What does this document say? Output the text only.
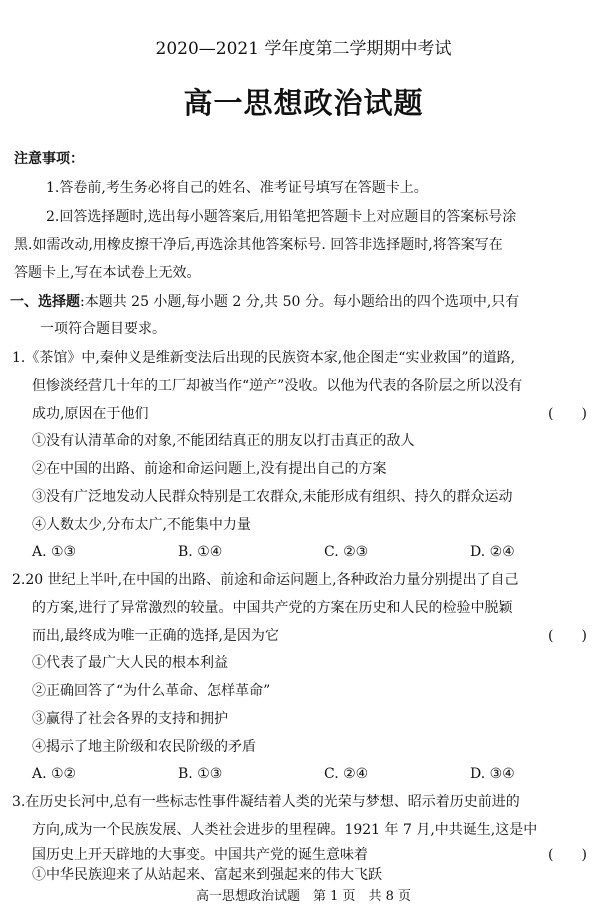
2020—2021 学年度第二学期期中考试
高一思想政治试题
注意事项：
1.答卷前,考生务必将自己的姓名、准考证号填写在答题卡上。
2.回答选择题时,选出每小题答案后,用铅笔把答题卡上对应题目的答案标号涂
黑.如需改动,用橡皮擦干净后,再选涂其他答案标号. 回答非选择题时,将答案写在
答题卡上,写在本试卷上无效。
一、选择题:本题共 25 小题,每小题 2 分,共 50 分。每小题给出的四个选项中,只有
一项符合题目要求。
1.《茶馆》中,秦仲义是维新变法后出现的民族资本家,他企图走“实业救国”的道路,
但惨淡经营几十年的工厂却被当作“逆产”没收。以他为代表的各阶层之所以没有
成功,原因在于他们	(　　)
①没有认清革命的对象,不能团结真正的朋友以打击真正的敌人
②在中国的出路、前途和命运问题上,没有提出自己的方案
③没有广泛地发动人民群众特别是工农群众,未能形成有组织、持久的群众运动
④人数太少,分布太广,不能集中力量
A. ①③	B. ①④	C. ②③	D. ②④
2.20 世纪上半叶,在中国的出路、前途和命运问题上,各种政治力量分别提出了自己
的方案,进行了异常激烈的较量。中国共产党的方案在历史和人民的检验中脱颖
而出,最终成为唯一正确的选择,是因为它	(　　)
①代表了最广大人民的根本利益
②正确回答了“为什么革命、怎样革命”
③赢得了社会各界的支持和拥护
④揭示了地主阶级和农民阶级的矛盾
A. ①②	B. ①③	C. ②④	D. ③④
3.在历史长河中,总有一些标志性事件凝结着人类的光荣与梦想、昭示着历史前进的
方向,成为一个民族发展、人类社会进步的里程碑。1921 年 7 月,中共诞生,这是中
国历史上开天辟地的大事变。中国共产党的诞生意味着	(　　)
①中华民族迎来了从站起来、富起来到强起来的伟大飞跃
高一思想政治试题　第 1 页　共 8 页
